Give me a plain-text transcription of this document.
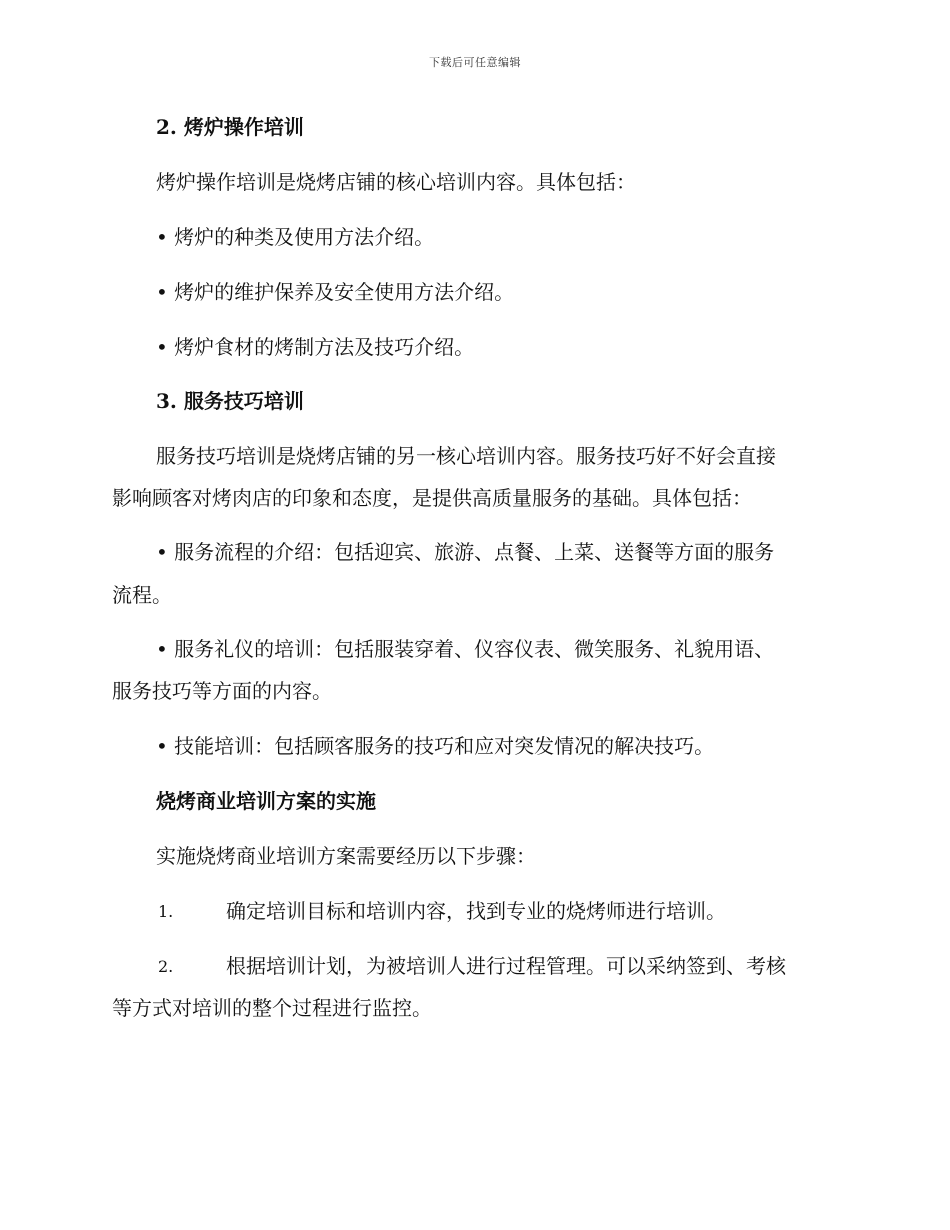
下载后可任意编辑
2. 烤炉操作培训
烤炉操作培训是烧烤店铺的核心培训内容。具体包括：
• 烤炉的种类及使用方法介绍。
• 烤炉的维护保养及安全使用方法介绍。
• 烤炉食材的烤制方法及技巧介绍。
3. 服务技巧培训
服务技巧培训是烧烤店铺的另一核心培训内容。服务技巧好不好会直接
影响顾客对烤肉店的印象和态度，是提供高质量服务的基础。具体包括：
• 服务流程的介绍：包括迎宾、旅游、点餐、上菜、送餐等方面的服务
流程。
• 服务礼仪的培训：包括服装穿着、仪容仪表、微笑服务、礼貌用语、
服务技巧等方面的内容。
• 技能培训：包括顾客服务的技巧和应对突发情况的解决技巧。
烧烤商业培训方案的实施
实施烧烤商业培训方案需要经历以下步骤：
1.	确定培训目标和培训内容，找到专业的烧烤师进行培训。
2.	根据培训计划，为被培训人进行过程管理。可以采纳签到、考核
等方式对培训的整个过程进行监控。
